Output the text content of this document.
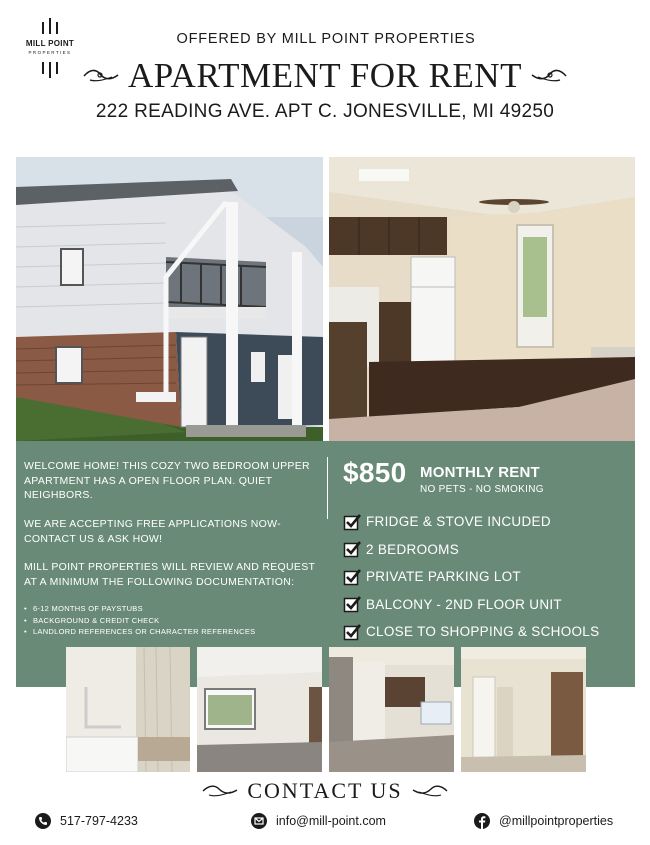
MILL POINT
PROPERTIES
OFFERED BY MILL POINT PROPERTIES
APARTMENT FOR RENT
222 READING AVE. APT C. JONESVILLE, MI 49250
WELCOME HOME! THIS COZY TWO BEDROOM UPPER APARTMENT HAS A OPEN FLOOR PLAN. QUIET NEIGHBORS.
WE ARE ACCEPTING FREE APPLICATIONS NOW- CONTACT US & ASK HOW!
MILL POINT PROPERTIES WILL REVIEW AND REQUEST AT A MINIMUM THE FOLLOWING DOCUMENTATION:
• 6-12 MONTHS OF PAYSTUBS
• BACKGROUND & CREDIT CHECK
• LANDLORD REFERENCES OR CHARACTER REFERENCES
$850 MONTHLY RENT
NO PETS - NO SMOKING
FRIDGE & STOVE INCUDED
2 BEDROOMS
PRIVATE PARKING LOT
BALCONY - 2ND FLOOR UNIT
CLOSE TO SHOPPING & SCHOOLS
CONTACT US
517-797-4233	info@mill-point.com	@millpointproperties
